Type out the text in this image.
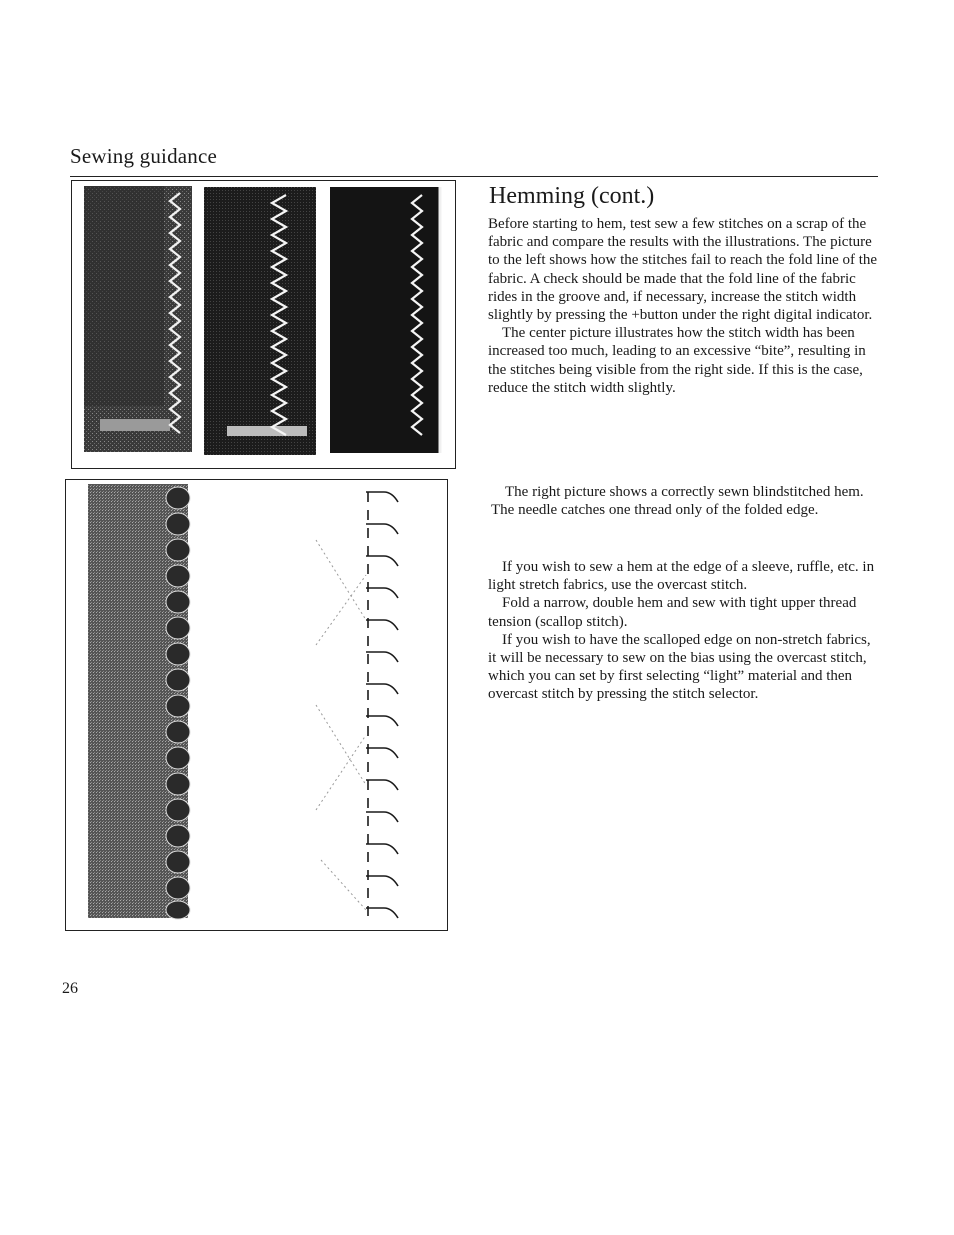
Sewing guidance
Hemming (cont.)

Before starting to hem, test sew a few stitches on a scrap of the fabric and compare the results with the illustrations. The picture to the left shows how the stitches fail to reach the fold line of the fabric. A check should be made that the fold line of the fabric rides in the groove and, if necessary, increase the stitch width slightly by pressing the +button under the right digital indicator.

The center picture illustrates how the stitch width has been increased too much, leading to an excessive “bite”, resulting in the stitches being visible from the right side. If this is the case, reduce the stitch width slightly.

The right picture shows a correctly sewn blindstitched hem. The needle catches one thread only of the folded edge.

If you wish to sew a hem at the edge of a sleeve, ruffle, etc. in light stretch fabrics, use the overcast stitch.

Fold a narrow, double hem and sew with tight upper thread tension (scallop stitch).

If you wish to have the scalloped edge on non-stretch fabrics, it will be necessary to sew on the bias using the overcast stitch, which you can set by first selecting “light” material and then overcast stitch by pressing the stitch selector.

26
